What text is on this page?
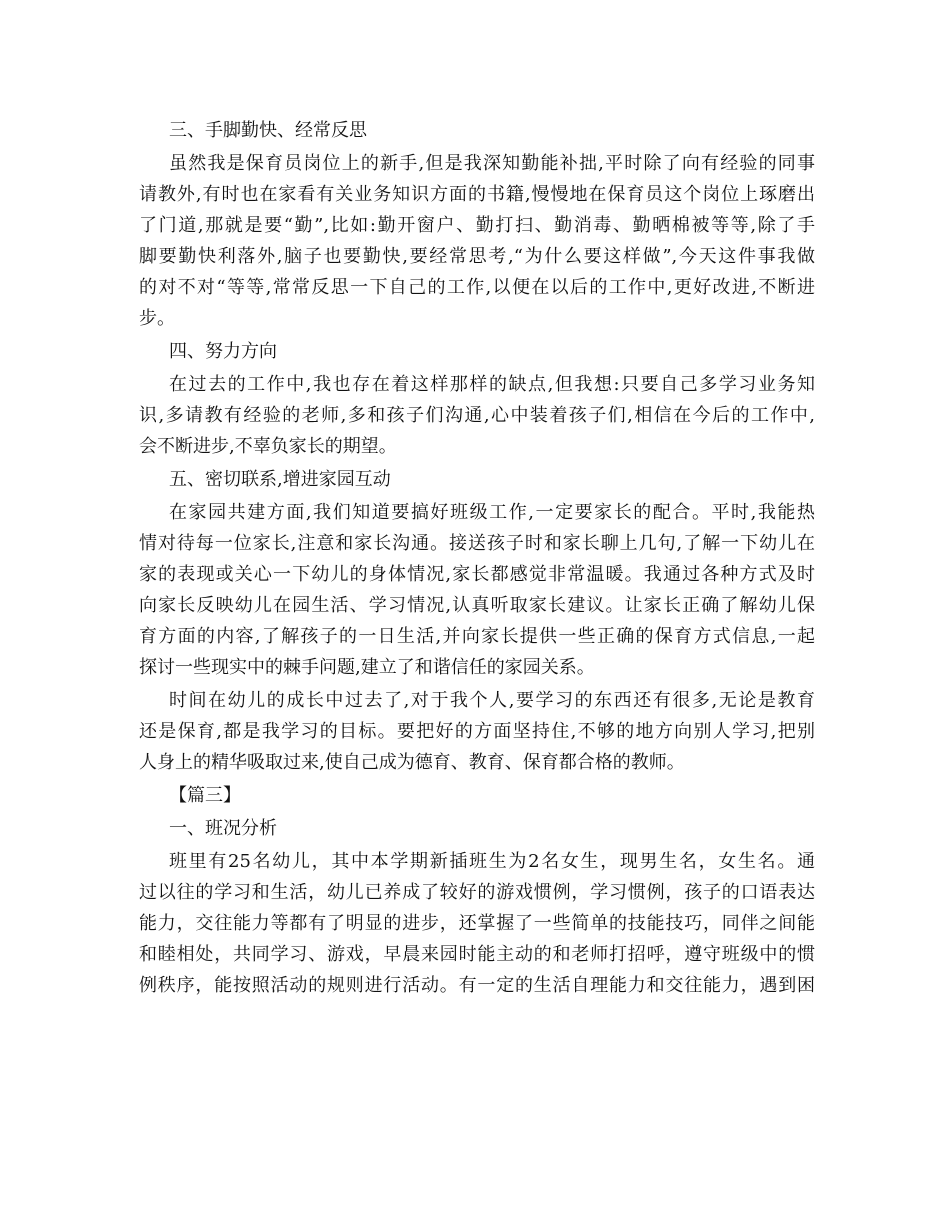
三、手脚勤快、经常反思
虽然我是保育员岗位上的新手,但是我深知勤能补拙,平时除了向有经验的同事
请教外,有时也在家看有关业务知识方面的书籍,慢慢地在保育员这个岗位上琢磨出
了门道,那就是要“勤”,比如:勤开窗户、勤打扫、勤消毒、勤晒棉被等等,除了手
脚要勤快利落外,脑子也要勤快,要经常思考,“为什么要这样做”,今天这件事我做
的对不对“等等,常常反思一下自己的工作,以便在以后的工作中,更好改进,不断进
步。
四、努力方向
在过去的工作中,我也存在着这样那样的缺点,但我想:只要自己多学习业务知
识,多请教有经验的老师,多和孩子们沟通,心中装着孩子们,相信在今后的工作中,
会不断进步,不辜负家长的期望。
五、密切联系,增进家园互动
在家园共建方面,我们知道要搞好班级工作,一定要家长的配合。平时,我能热
情对待每一位家长,注意和家长沟通。接送孩子时和家长聊上几句,了解一下幼儿在
家的表现或关心一下幼儿的身体情况,家长都感觉非常温暖。我通过各种方式及时
向家长反映幼儿在园生活、学习情况,认真听取家长建议。让家长正确了解幼儿保
育方面的内容,了解孩子的一日生活,并向家长提供一些正确的保育方式信息,一起
探讨一些现实中的棘手问题,建立了和谐信任的家园关系。
时间在幼儿的成长中过去了,对于我个人,要学习的东西还有很多,无论是教育
还是保育,都是我学习的目标。要把好的方面坚持住,不够的地方向别人学习,把别
人身上的精华吸取过来,使自己成为德育、教育、保育都合格的教师。
【篇三】
一、班况分析
班里有25名幼儿，其中本学期新插班生为2名女生，现男生名，女生名。通
过以往的学习和生活，幼儿已养成了较好的游戏惯例，学习惯例，孩子的口语表达
能力，交往能力等都有了明显的进步，还掌握了一些简单的技能技巧，同伴之间能
和睦相处，共同学习、游戏，早晨来园时能主动的和老师打招呼，遵守班级中的惯
例秩序，能按照活动的规则进行活动。有一定的生活自理能力和交往能力，遇到困
